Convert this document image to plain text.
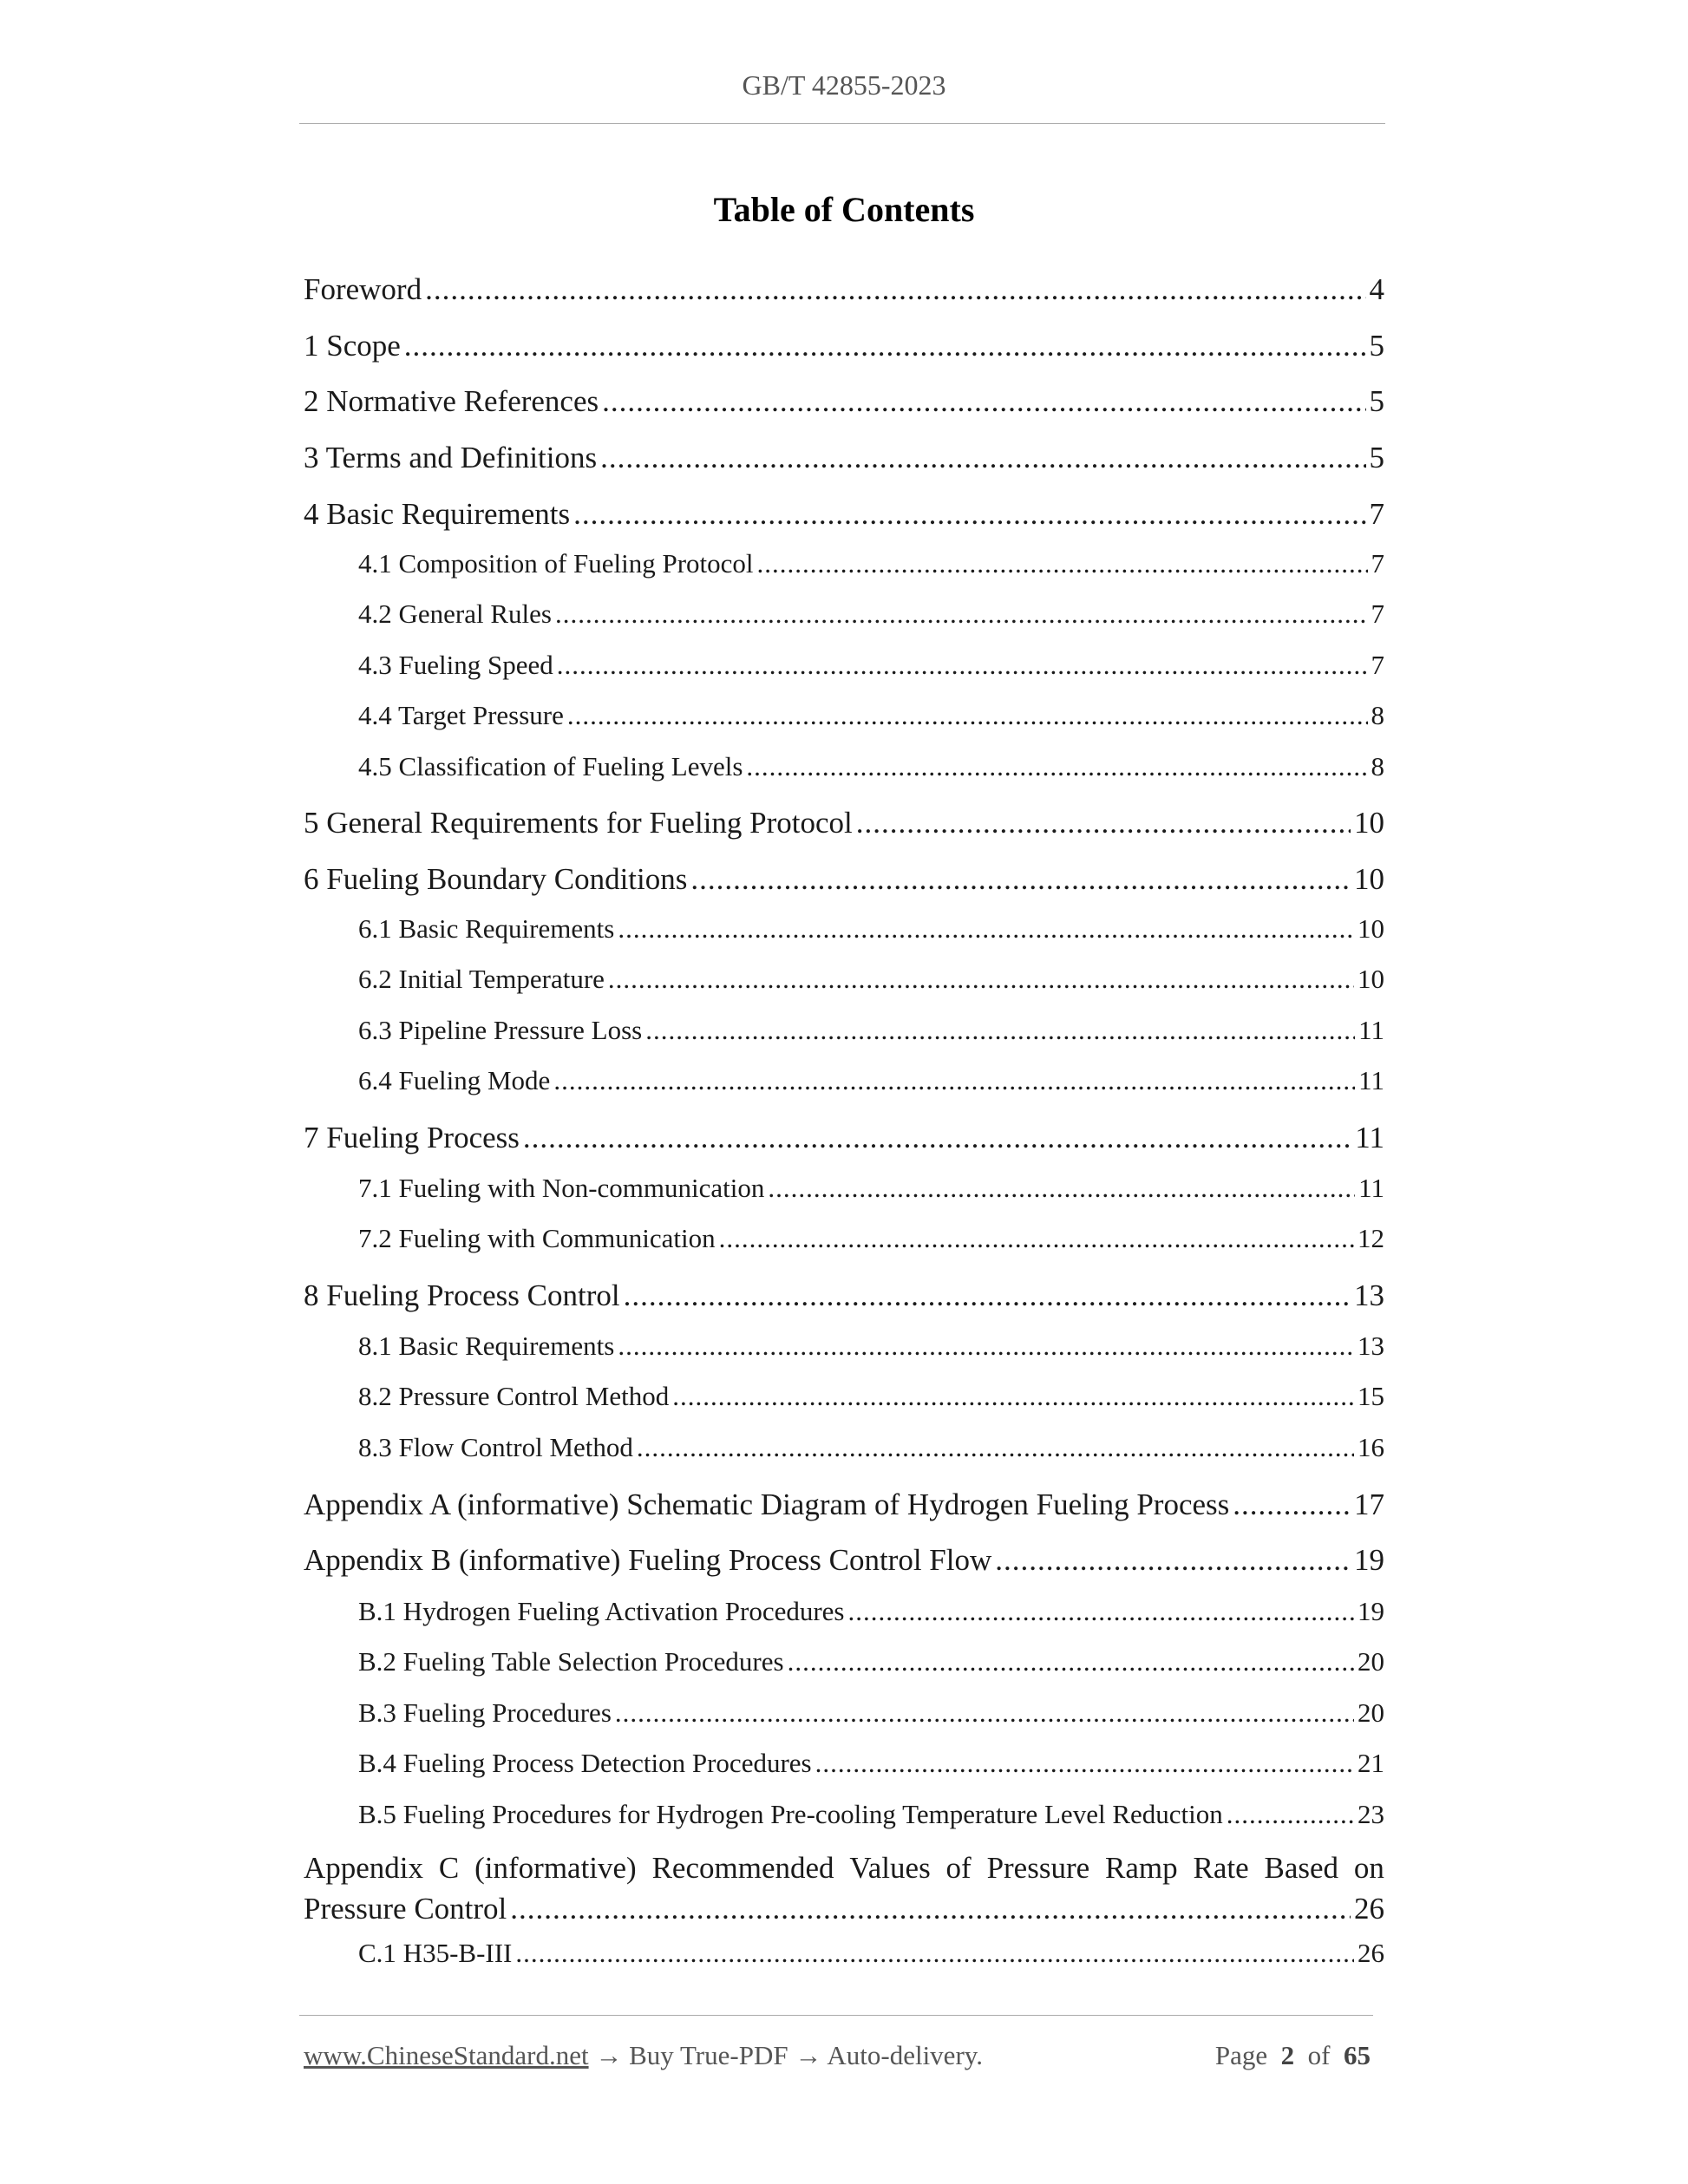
GB/T 42855-2023
Table of Contents
Foreword .....	4
1 Scope .....	5
2 Normative References .....	5
3 Terms and Definitions .....	5
4 Basic Requirements .....	7
4.1 Composition of Fueling Protocol .....	7
4.2 General Rules .....	7
4.3 Fueling Speed .....	7
4.4 Target Pressure .....	8
4.5 Classification of Fueling Levels .....	8
5 General Requirements for Fueling Protocol .....	10
6 Fueling Boundary Conditions .....	10
6.1 Basic Requirements .....	10
6.2 Initial Temperature .....	10
6.3 Pipeline Pressure Loss .....	11
6.4 Fueling Mode .....	11
7 Fueling Process .....	11
7.1 Fueling with Non-communication .....	11
7.2 Fueling with Communication .....	12
8 Fueling Process Control .....	13
8.1 Basic Requirements .....	13
8.2 Pressure Control Method .....	15
8.3 Flow Control Method .....	16
Appendix A (informative) Schematic Diagram of Hydrogen Fueling Process .....	17
Appendix B (informative) Fueling Process Control Flow .....	19
B.1 Hydrogen Fueling Activation Procedures .....	19
B.2 Fueling Table Selection Procedures .....	20
B.3 Fueling Procedures .....	20
B.4 Fueling Process Detection Procedures .....	21
B.5 Fueling Procedures for Hydrogen Pre-cooling Temperature Level Reduction .....	23
Appendix C (informative) Recommended Values of Pressure Ramp Rate Based on
Pressure Control .....	26
C.1 H35-B-III .....	26
www.ChineseStandard.net → Buy True-PDF → Auto-delivery.	Page 2 of 65
